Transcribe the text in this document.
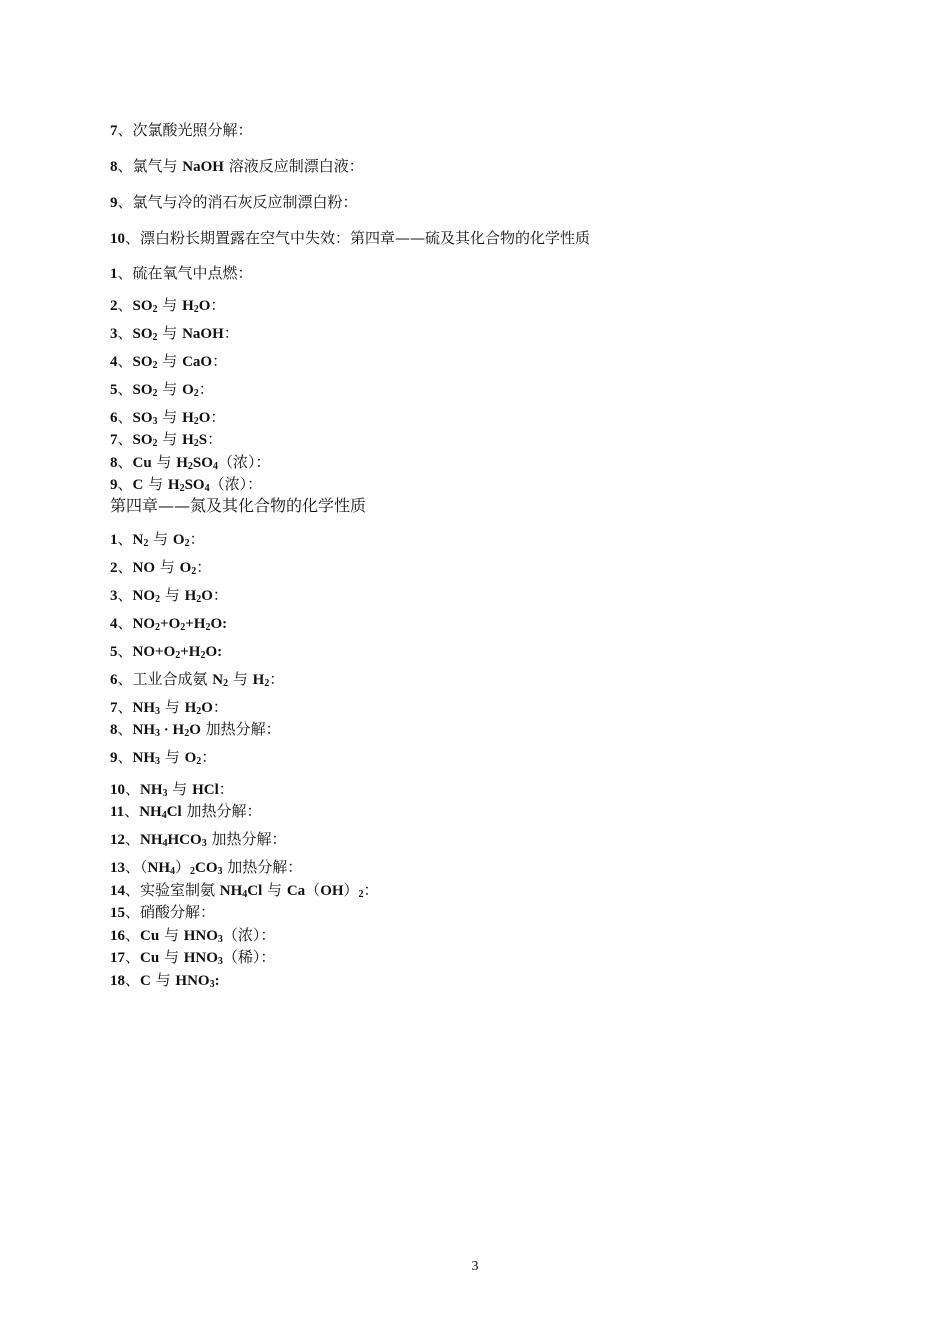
7、次氯酸光照分解：
8、氯气与 NaOH 溶液反应制漂白液：
9、氯气与冷的消石灰反应制漂白粉：
10、漂白粉长期置露在空气中失效：第四章——硫及其化合物的化学性质
1、硫在氧气中点燃：
2、$SO_2$ 与 $H_2O$：
3、$SO_2$ 与 NaOH：
4、$SO_2$ 与 CaO：
5、$SO_2$ 与 $O_2$：
6、$SO_3$ 与 $H_2O$：
7、$SO_2$ 与 $H_2S$：
8、Cu 与 $H_2SO_4$（浓）：
9、C 与 $H_2SO_4$（浓）：
第四章——氮及其化合物的化学性质
1、$N_2$ 与 $O_2$：
2、NO 与 $O_2$：
3、$NO_2$ 与 $H_2O$：
4、$NO_2+O_2+H_2O$:
5、$NO+O_2+H_2O$:
6、工业合成氨 $N_2$ 与 $H_2$：
7、$NH_3$ 与 $H_2O$：
8、$NH_3 \cdot H_2O$ 加热分解：
9、$NH_3$ 与 $O_2$：
10、$NH_3$ 与 HCl：
11、$NH_4Cl$ 加热分解：
12、$NH_4HCO_3$ 加热分解：
13、$(NH_4)_2CO_3$ 加热分解：
14、实验室制氨 $NH_4Cl$ 与 $Ca(OH)_2$：
15、硝酸分解：
16、Cu 与 $HNO_3$（浓）：
17、Cu 与 $HNO_3$（稀）：
18、C 与 $HNO_3$:
3
